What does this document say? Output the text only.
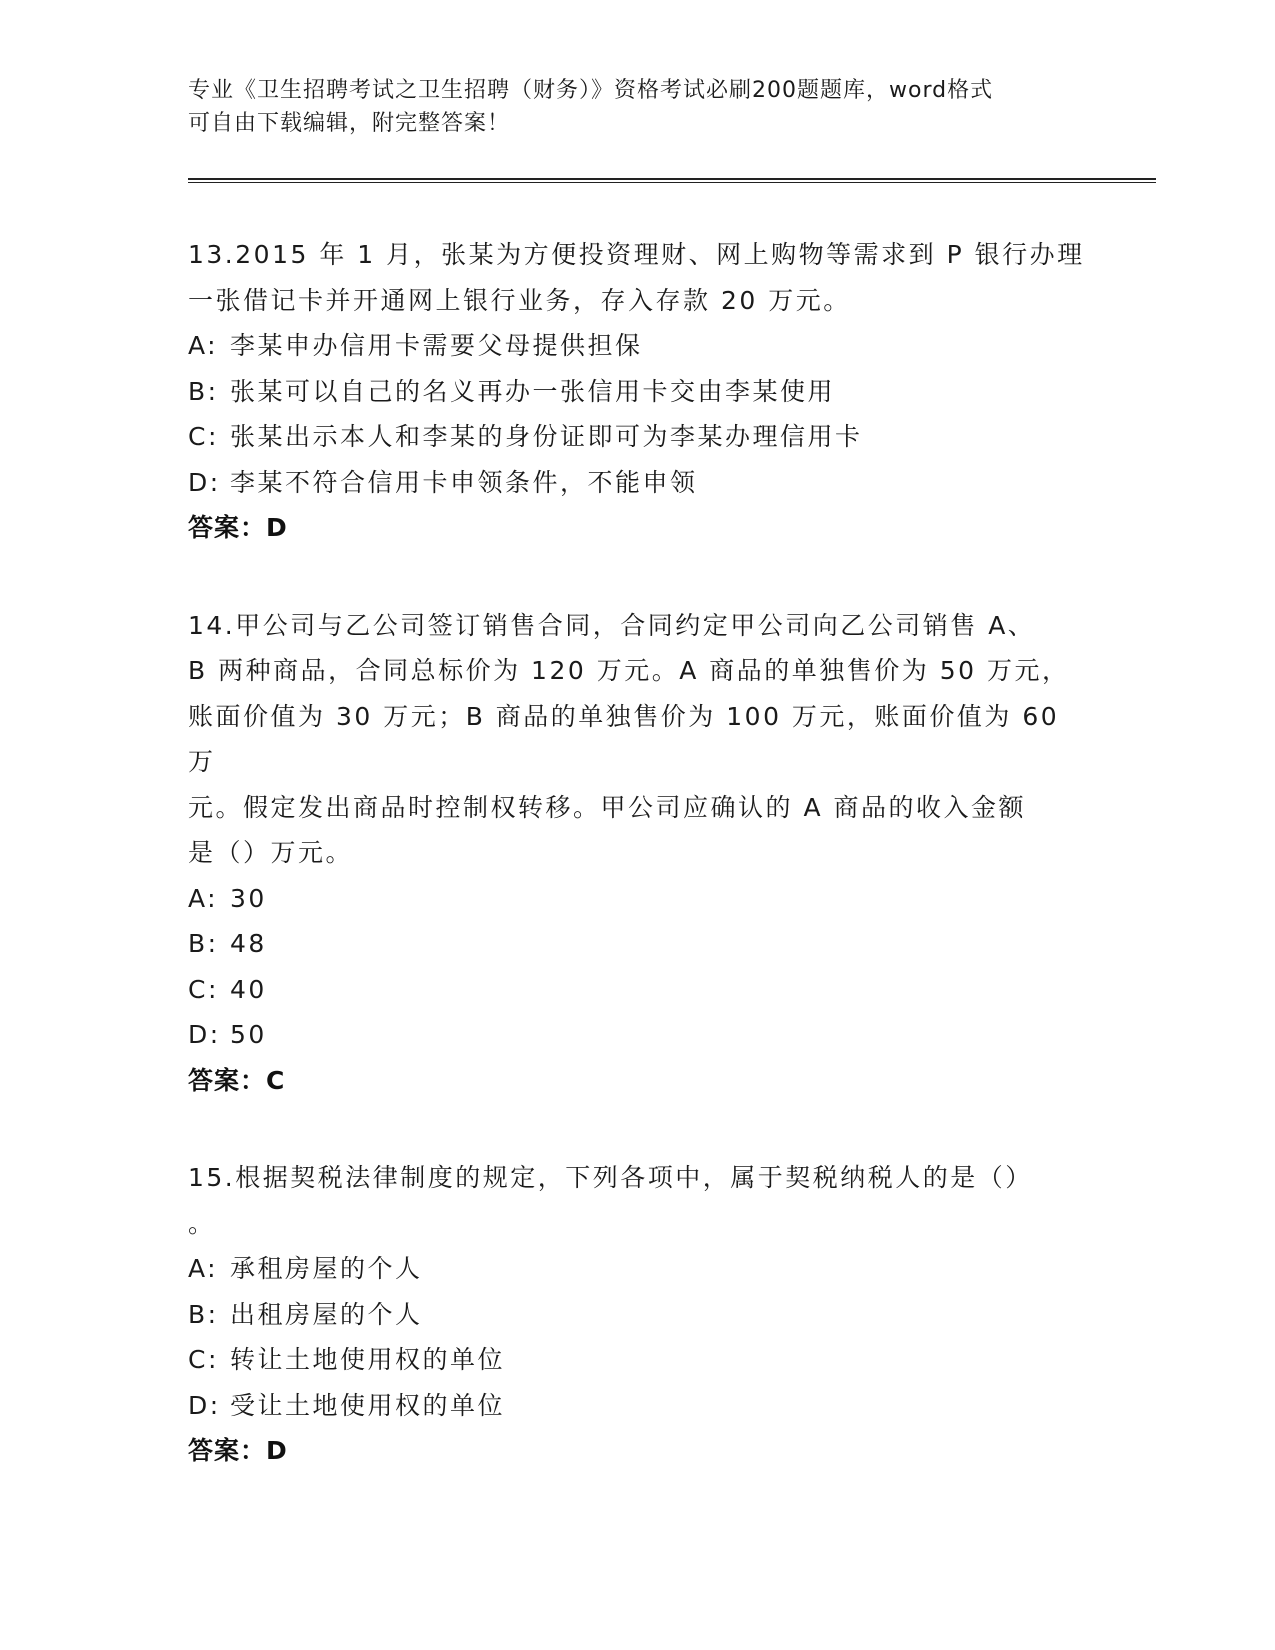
专业《卫生招聘考试之卫生招聘（财务）》资格考试必刷200题题库，word格式
可自由下载编辑，附完整答案！

13.2015 年 1 月，张某为方便投资理财、网上购物等需求到 P 银行办理

一张借记卡并开通网上银行业务，存入存款 20 万元。

A: 李某申办信用卡需要父母提供担保

B: 张某可以自己的名义再办一张信用卡交由李某使用

C: 张某出示本人和李某的身份证即可为李某办理信用卡

D: 李某不符合信用卡申领条件，不能申领

答案：D

14.甲公司与乙公司签订销售合同，合同约定甲公司向乙公司销售 A、

B 两种商品，合同总标价为 120 万元。A 商品的单独售价为 50 万元，

账面价值为 30 万元；B 商品的单独售价为 100 万元，账面价值为 60 万

元。假定发出商品时控制权转移。甲公司应确认的 A 商品的收入金额

是（）万元。

A: 30

B: 48

C: 40

D: 50

答案：C

15.根据契税法律制度的规定，下列各项中，属于契税纳税人的是（）

。

A: 承租房屋的个人

B: 出租房屋的个人

C: 转让土地使用权的单位

D: 受让土地使用权的单位

答案：D
